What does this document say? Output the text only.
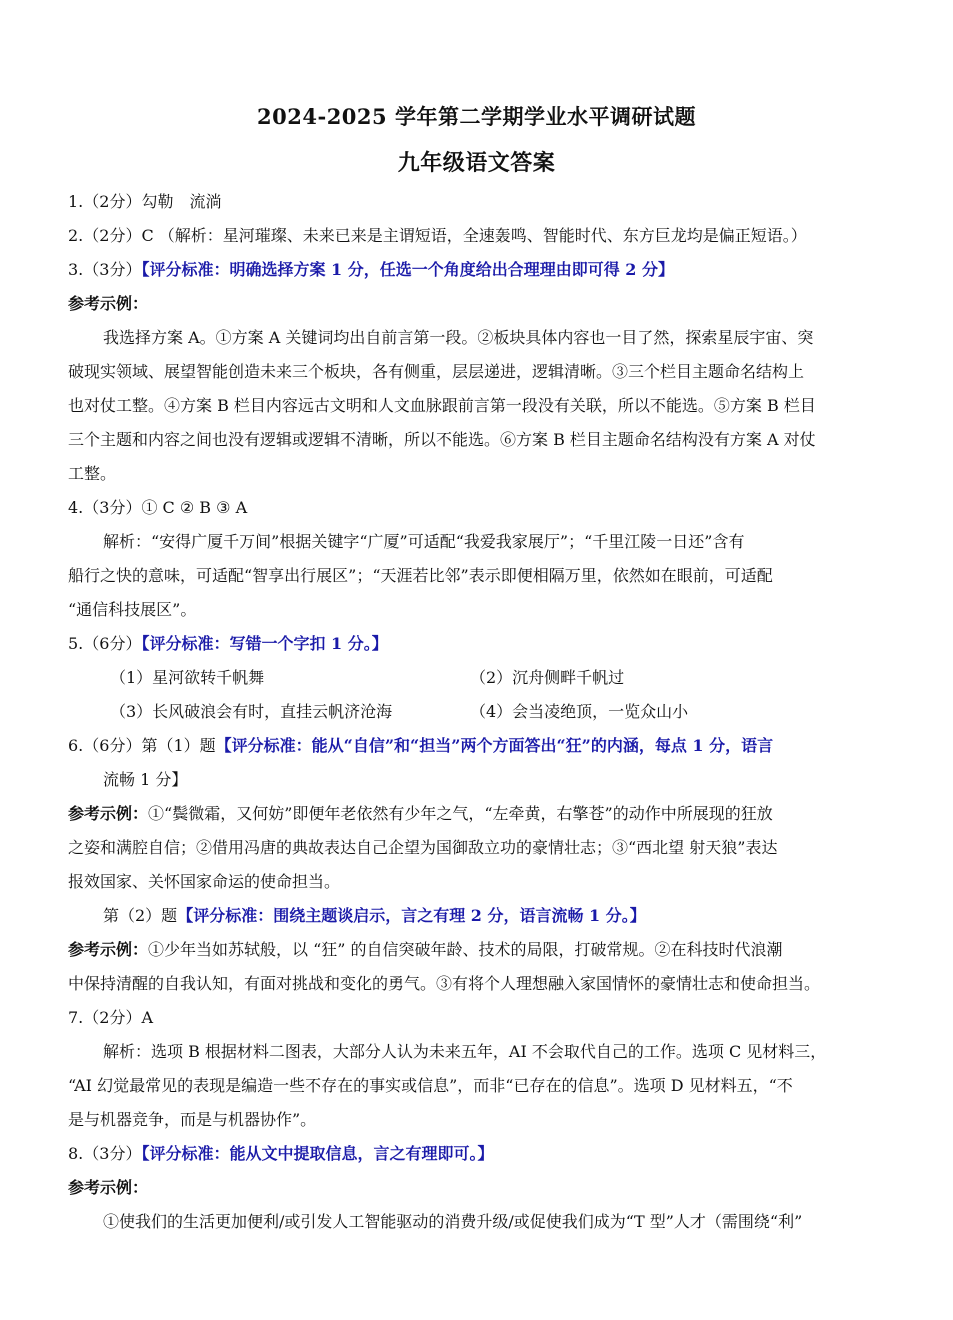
2024-2025 学年第二学期学业水平调研试题
九年级语文答案
1.（2分）勾勒　流淌
2.（2分）C （解析：星河璀璨、未来已来是主谓短语，全速轰鸣、智能时代、东方巨龙均是偏正短语。）
3.（3分）【评分标准：明确选择方案 1 分，任选一个角度给出合理理由即可得 2 分】
参考示例：
我选择方案 A。①方案 A 关键词均出自前言第一段。②板块具体内容也一目了然，探索星辰宇宙、突
破现实领域、展望智能创造未来三个板块，各有侧重，层层递进，逻辑清晰。③三个栏目主题命名结构上
也对仗工整。④方案 B 栏目内容远古文明和人文血脉跟前言第一段没有关联，所以不能选。⑤方案 B 栏目
三个主题和内容之间也没有逻辑或逻辑不清晰，所以不能选。⑥方案 B 栏目主题命名结构没有方案 A 对仗
工整。
4.（3分）① C ② B ③ A
解析：“安得广厦千万间”根据关键字“广厦”可适配“我爱我家展厅”；“千里江陵一日还”含有
船行之快的意味，可适配“智享出行展区”；“天涯若比邻”表示即便相隔万里，依然如在眼前，可适配
“通信科技展区”。
5.（6分）【评分标准：写错一个字扣 1 分。】
（1）星河欲转千帆舞	（2）沉舟侧畔千帆过
（3）长风破浪会有时，直挂云帆济沧海	（4）会当凌绝顶，一览众山小
6.（6分）第（1）题【评分标准：能从“自信”和“担当”两个方面答出“狂”的内涵，每点 1 分，语言
流畅 1 分】
参考示例：①“鬓微霜，又何妨”即便年老依然有少年之气，“左牵黄，右擎苍”的动作中所展现的狂放
之姿和满腔自信；②借用冯唐的典故表达自己企望为国御敌立功的豪情壮志；③“西北望 射天狼”表达
报效国家、关怀国家命运的使命担当。
第（2）题【评分标准：围绕主题谈启示，言之有理 2 分，语言流畅 1 分。】
参考示例：①少年当如苏轼般，以 “狂” 的自信突破年龄、技术的局限，打破常规。②在科技时代浪潮
中保持清醒的自我认知，有面对挑战和变化的勇气。③有将个人理想融入家国情怀的豪情壮志和使命担当。
7.（2分）A
解析：选项 B 根据材料二图表，大部分人认为未来五年，AI 不会取代自己的工作。选项 C 见材料三，
“AI 幻觉最常见的表现是编造一些不存在的事实或信息”，而非“已存在的信息”。选项 D 见材料五，“不
是与机器竞争，而是与机器协作”。
8.（3分）【评分标准：能从文中提取信息，言之有理即可。】
参考示例：
①使我们的生活更加便利/或引发人工智能驱动的消费升级/或促使我们成为“T 型”人才（需围绕“利”
